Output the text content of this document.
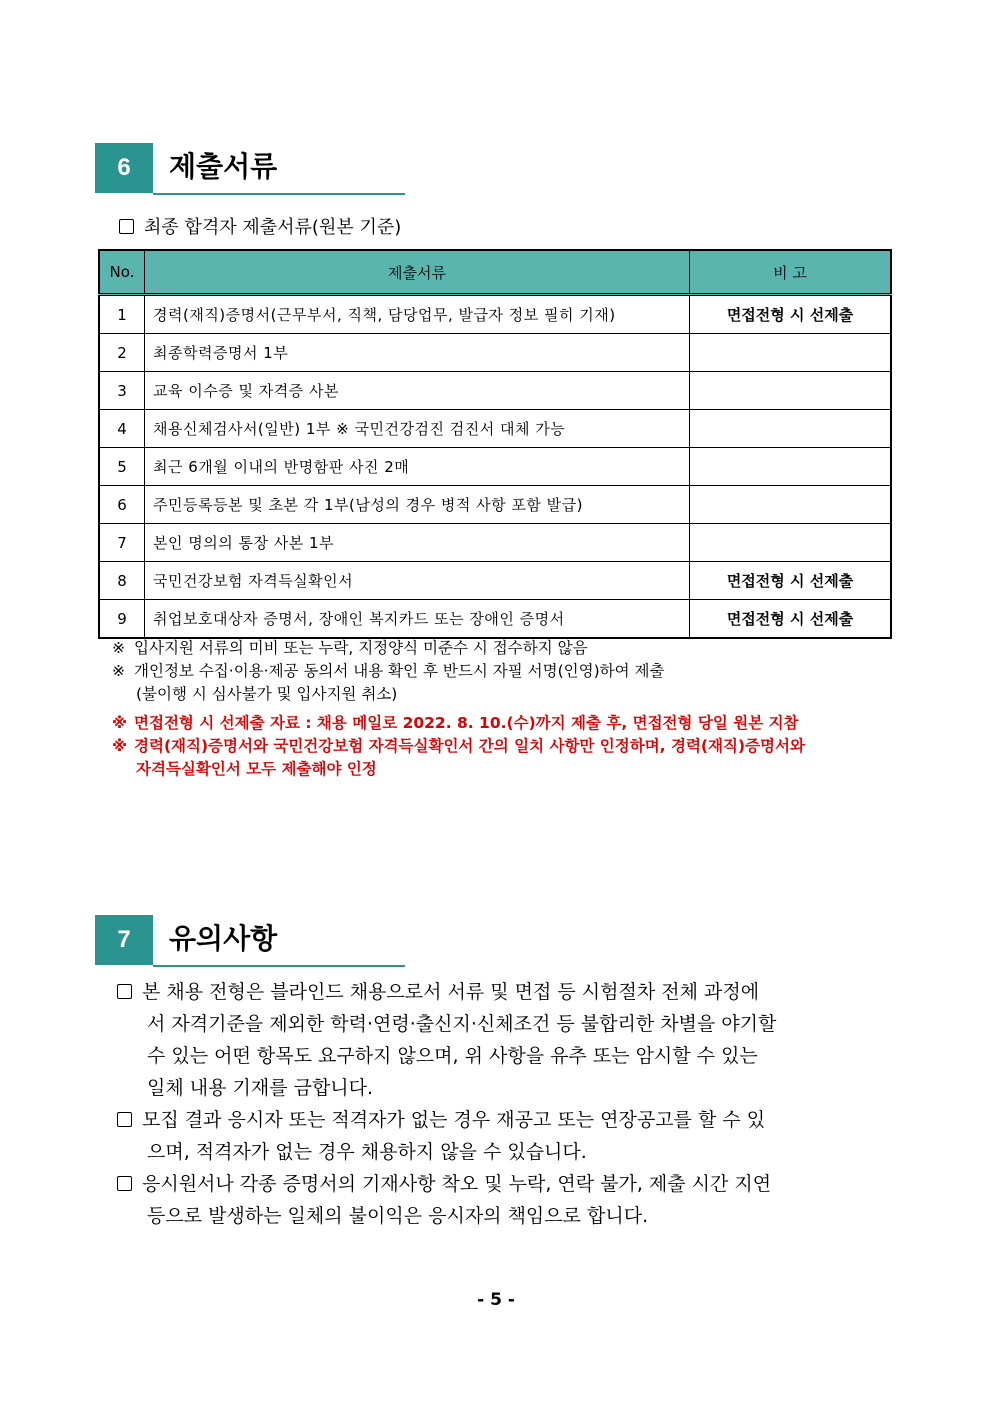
6	제출서류
최종 합격자 제출서류(원본 기준)
No.	제출서류	비 고
1	경력(재직)증명서(근무부서, 직책, 담당업무, 발급자 정보 필히 기재)	면접전형 시 선제출
2	최종학력증명서 1부	
3	교육 이수증 및 자격증 사본	
4	채용신체검사서(일반) 1부 ※ 국민건강검진 검진서 대체 가능	
5	최근 6개월 이내의 반명함판 사진 2매	
6	주민등록등본 및 초본 각 1부(남성의 경우 병적 사항 포함 발급)	
7	본인 명의의 통장 사본 1부	
8	국민건강보험 자격득실확인서	면접전형 시 선제출
9	취업보호대상자 증명서, 장애인 복지카드 또는 장애인 증명서	면접전형 시 선제출
※ 입사지원 서류의 미비 또는 누락, 지정양식 미준수 시 접수하지 않음
※ 개인정보 수집·이용·제공 동의서 내용 확인 후 반드시 자필 서명(인영)하여 제출
(불이행 시 심사불가 및 입사지원 취소)
※ 면접전형 시 선제출 자료 : 채용 메일로 2022. 8. 10.(수)까지 제출 후, 면접전형 당일 원본 지참
※ 경력(재직)증명서와 국민건강보험 자격득실확인서 간의 일치 사항만 인정하며, 경력(재직)증명서와
자격득실확인서 모두 제출해야 인정
7	유의사항
본 채용 전형은 블라인드 채용으로서 서류 및 면접 등 시험절차 전체 과정에
서 자격기준을 제외한 학력·연령·출신지·신체조건 등 불합리한 차별을 야기할
수 있는 어떤 항목도 요구하지 않으며, 위 사항을 유추 또는 암시할 수 있는
일체 내용 기재를 금합니다.
모집 결과 응시자 또는 적격자가 없는 경우 재공고 또는 연장공고를 할 수 있
으며, 적격자가 없는 경우 채용하지 않을 수 있습니다.
응시원서나 각종 증명서의 기재사항 착오 및 누락, 연락 불가, 제출 시간 지연
등으로 발생하는 일체의 불이익은 응시자의 책임으로 합니다.
- 5 -
